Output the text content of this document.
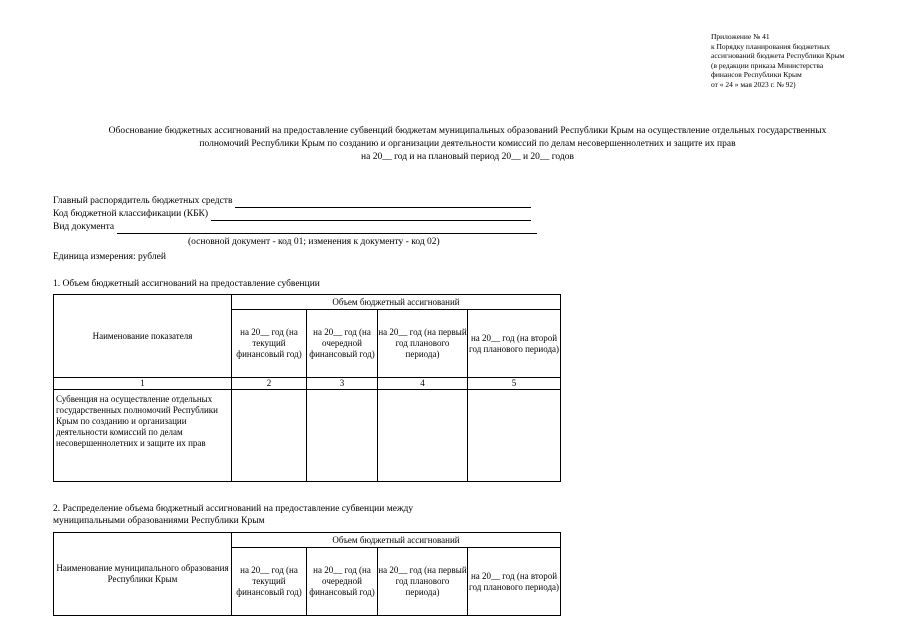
Приложение № 41
к Порядку планирования бюджетных
ассигнований бюджета Республики Крым
(в редакции приказа Министерства
финансов Республики Крым
от « 24 » мая 2023 г. № 92)
Обоснование бюджетных ассигнований на предоставление субвенций бюджетам муниципальных образований Республики Крым на осуществление отдельных государственных
полномочий Республики Крым по созданию и организации деятельности комиссий по делам несовершеннолетних и защите их прав
на 20__ год и на плановый период 20__ и 20__ годов
Главный распорядитель бюджетных средств
Код бюджетной классификации (КБК)
Вид документа
(основной документ - код 01; изменения к документу - код 02)
Единица измерения: рублей
1. Объем бюджетный ассигнований на предоставление субвенции
Наименование показателя	Объем бюджетный ассигнований			
	на 20__ год (на текущий финансовый год)	на 20__ год (на очередной финансовый год)	на 20__ год (на первый год планового периода)	на 20__ год (на второй год планового периода)
1	2	3	4	5
Субвенция на осуществление отдельных государственных полномочий Республики Крым по созданию и организации деятельности комиссий по делам несовершеннолетних и защите их прав				
2. Распределение объема бюджетный ассигнований на предоставление субвенции между
муниципальными образованиями Республики Крым
Наименование муниципального образования Республики Крым	Объем бюджетный ассигнований			
	на 20__ год (на текущий финансовый год)	на 20__ год (на очередной финансовый год)	на 20__ год (на первый год планового периода)	на 20__ год (на второй год планового периода)
